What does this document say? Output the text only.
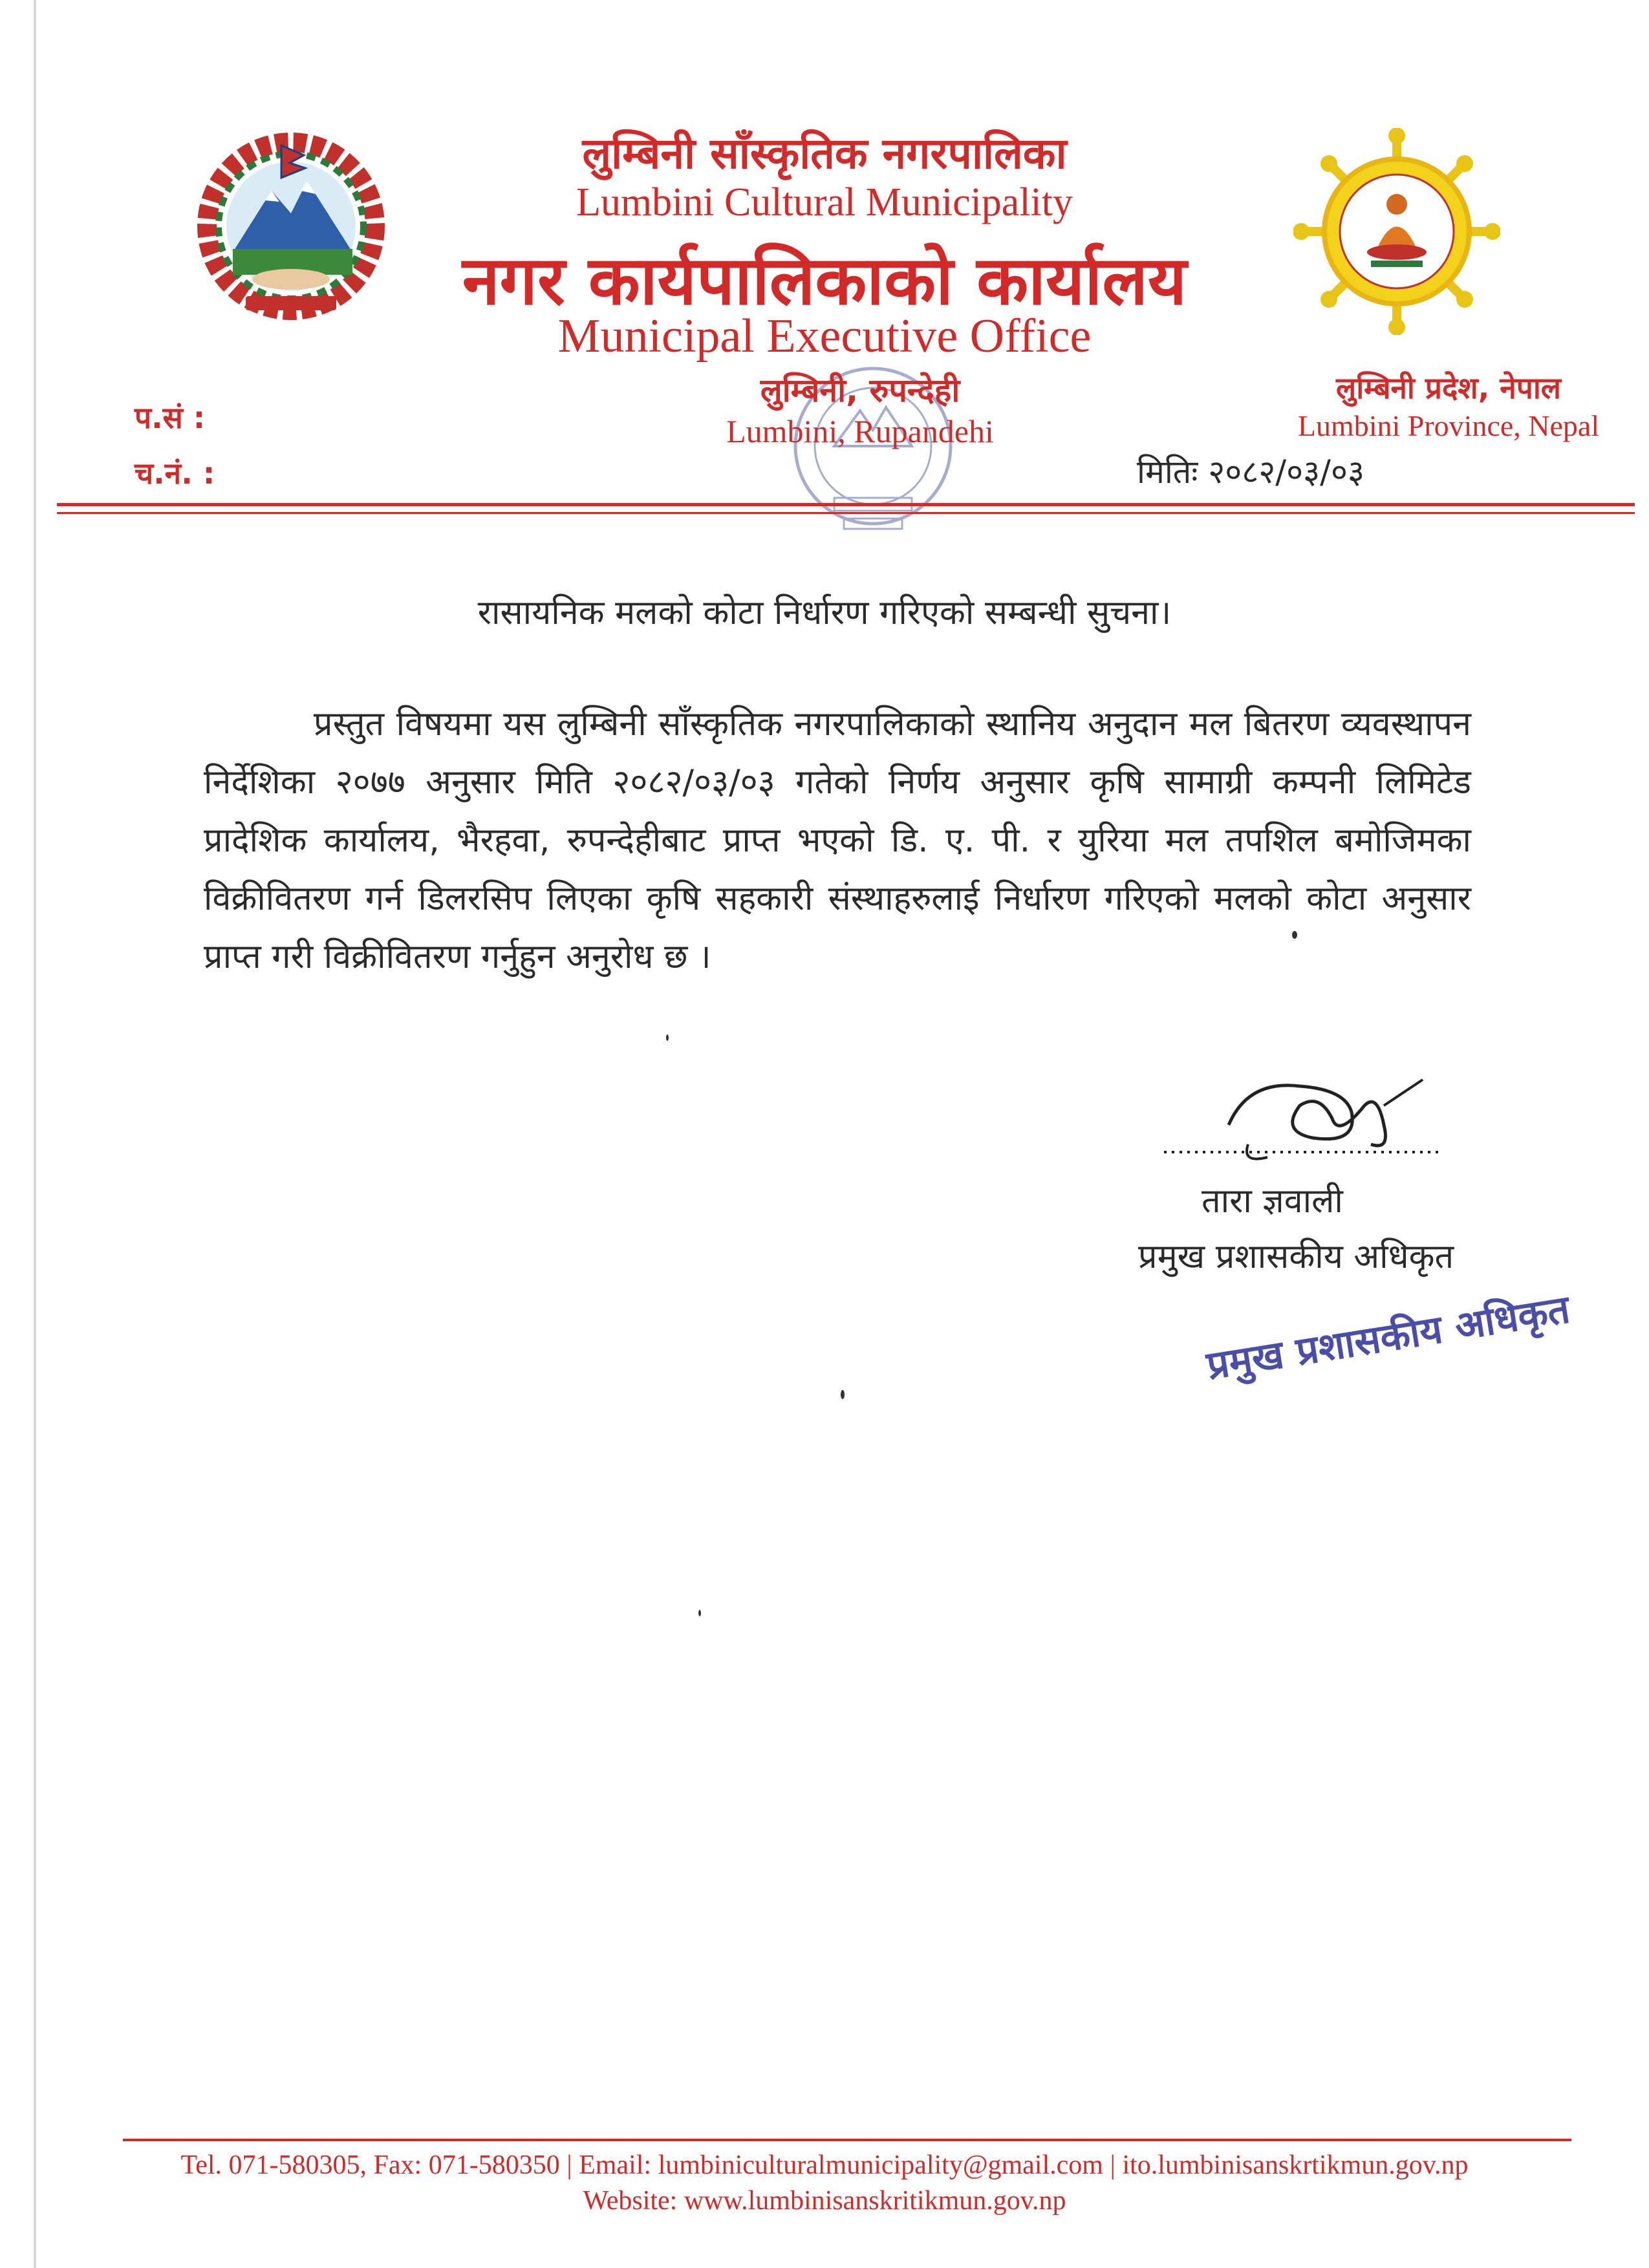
लुम्बिनी साँस्कृतिक नगरपालिका
Lumbini Cultural Municipality
नगर कार्यपालिकाको कार्यालय
Municipal Executive Office
लुम्बिनी, रुपन्देही
Lumbini, Rupandehi
लुम्बिनी प्रदेश, नेपाल
Lumbini Province, Nepal
प.सं :
च.नं. :	मितिः २०८२/०३/०३
रासायनिक मलको कोटा निर्धारण गरिएको सम्बन्धी सुचना।
प्रस्तुत विषयमा यस लुम्बिनी साँस्कृतिक नगरपालिकाको स्थानिय अनुदान मल बितरण व्यवस्थापन निर्देशिका २०७७ अनुसार मिति २०८२/०३/०३ गतेको निर्णय अनुसार कृषि सामाग्री कम्पनी लिमिटेड प्रादेशिक कार्यालय, भैरहवा, रुपन्देहीबाट प्राप्त भएको डि. ए. पी. र युरिया मल तपशिल बमोजिमका विक्रीवितरण गर्न डिलरसिप लिएका कृषि सहकारी संस्थाहरुलाई निर्धारण गरिएको मलको कोटा अनुसार प्राप्त गरी विक्रीवितरण गर्नुहुन अनुरोध छ ।
तारा ज्ञवाली
प्रमुख प्रशासकीय अधिकृत
प्रमुख प्रशासकीय अधिकृत
Tel. 071-580305, Fax: 071-580350 | Email: lumbiniculturalmunicipality@gmail.com | ito.lumbinisanskrtikmun.gov.np
Website: www.lumbinisanskritikmun.gov.np
